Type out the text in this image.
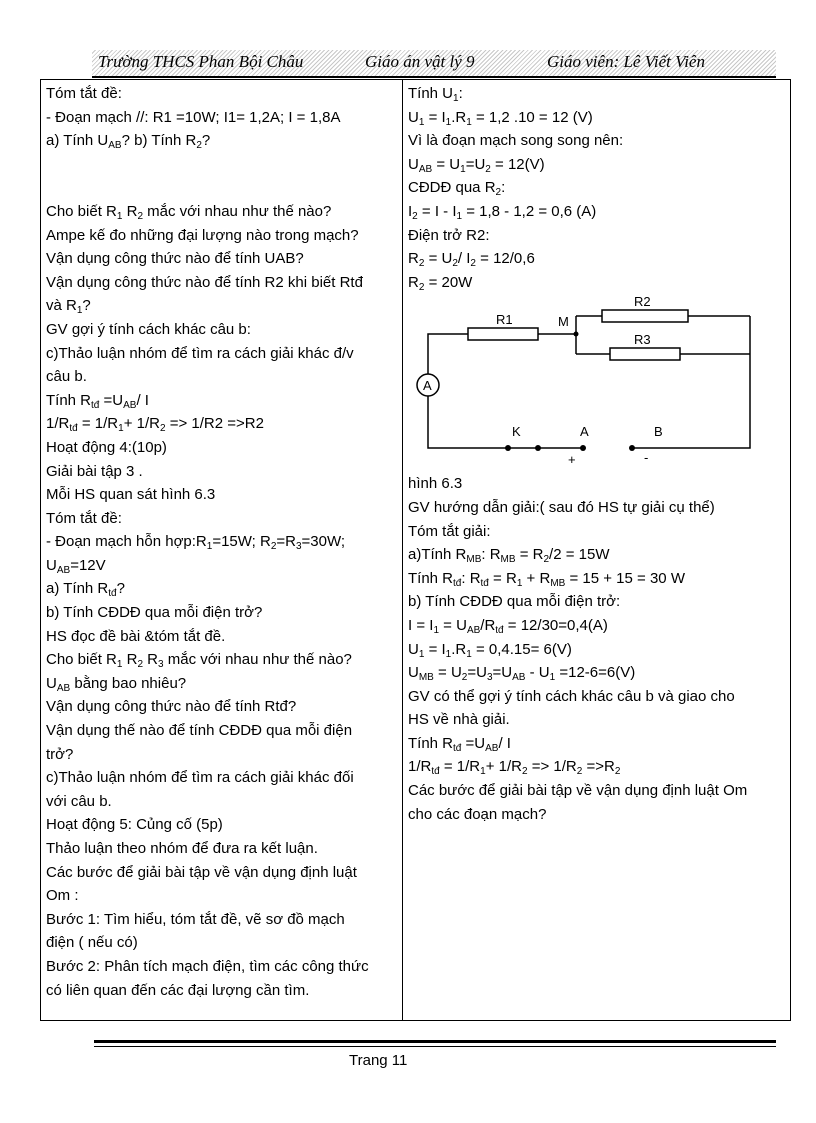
Trường THCS Phan Bội Châu	Giáo án vật lý 9	Giáo viên: Lê Viết Viên
Tóm tắt đề:
- Đoạn mạch //: R1 =10W; I1= 1,2A; I = 1,8A
a) Tính $U_{AB}$? b) Tính $R_2$?
Cho biết $R_1$ $R_2$ mắc với nhau như thế nào?
Ampe kế đo những đại lượng nào trong mạch?
Vận dụng công thức nào để tính UAB?
Vận dụng công thức nào để tính R2 khi biết Rtđ
và $R_1$?
GV gợi ý tính cách khác câu b:
c)Thảo luận nhóm để tìm ra cách giải khác đ/v
câu b.
Tính $R_{tđ} =U_{AB}/$ I
$1/R_{tđ} = 1/R_1+ 1/R_2 => 1/R2 =>R2$
Hoạt động 4:(10p)
Giải bài tập 3 .
Mỗi HS quan sát hình 6.3
Tóm tắt đề:
- Đoạn mạch hỗn $hợp:R_1=15W$; $R_2=R_3=30W$;
$U_{AB}=12V$
a) Tính $R_{tđ}$?
b) Tính CĐDĐ qua mỗi điện trở?
HS đọc đề bài &tóm tắt đề.
Cho biết $R_1$ $R_2$ $R_3$ mắc với nhau như thế nào?
$U_{AB}$ bằng bao nhiêu?
Vận dụng công thức nào để tính Rtđ?
Vận dụng thế nào để tính CĐDĐ qua mỗi điện
trở?
c)Thảo luận nhóm để tìm ra cách giải khác đối
với câu b.
Hoạt động 5: Củng cố (5p)
Thảo luận theo nhóm để đưa ra kết luận.
Các bước để giải bài tập về vận dụng định luật
Om :
Bước 1: Tìm hiểu, tóm tắt đề, vẽ sơ đồ mạch
điện ( nếu có)
Bước 2: Phân tích mạch điện, tìm các công thức
có liên quan đến các đại lượng cần tìm.
Tính $U_1$:
$U_1 = I_1.R_1 = 1,2$ .10 = 12 (V)
Vì là đoạn mạch song song nên:
$U_{AB} = U_1=U_2 = 12(V)$
CĐDĐ qua $R_2$:
$I_2 = I - I_1 = 1,8 - 1,2 = 0,6$ (A)
Điện trở R2:
$R_2 = U_2/$ $I_2 = 12/0,6$
$R_2 = 20W$
R1
R2
R3
M
A
K	A	B
+	-
hình 6.3
GV hướng dẫn giải:( sau đó HS tự giải cụ thể)
Tóm tắt giải:
a)Tính $R_{MB}$: $R_{MB} = R_2/2 = 15W$
Tính $R_{tđ}$: $R_{tđ} = R_1 + R_{MB} = 15 + 15 = 30$ W
b) Tính CĐDĐ qua mỗi điện trở:
$I = I_1 = U_{AB}/R_{tđ} = 12/30=0,4(A)$
$U_1 = I_1.R_1 = 0,4.15= 6(V)$
$U_{MB} = U_2=U_3=U_{AB} - U_1 =12-6=6(V)$
GV có thể gợi ý tính cách khác câu b và giao cho
HS về nhà giải.
Tính $R_{tđ} =U_{AB}/$ I
$1/R_{tđ} = 1/R_1+ 1/R_2 => 1/R_2 =>R_2$
Các bước để giải bài tập về vận dụng định luật Om
cho các đoạn mạch?
Trang 11
